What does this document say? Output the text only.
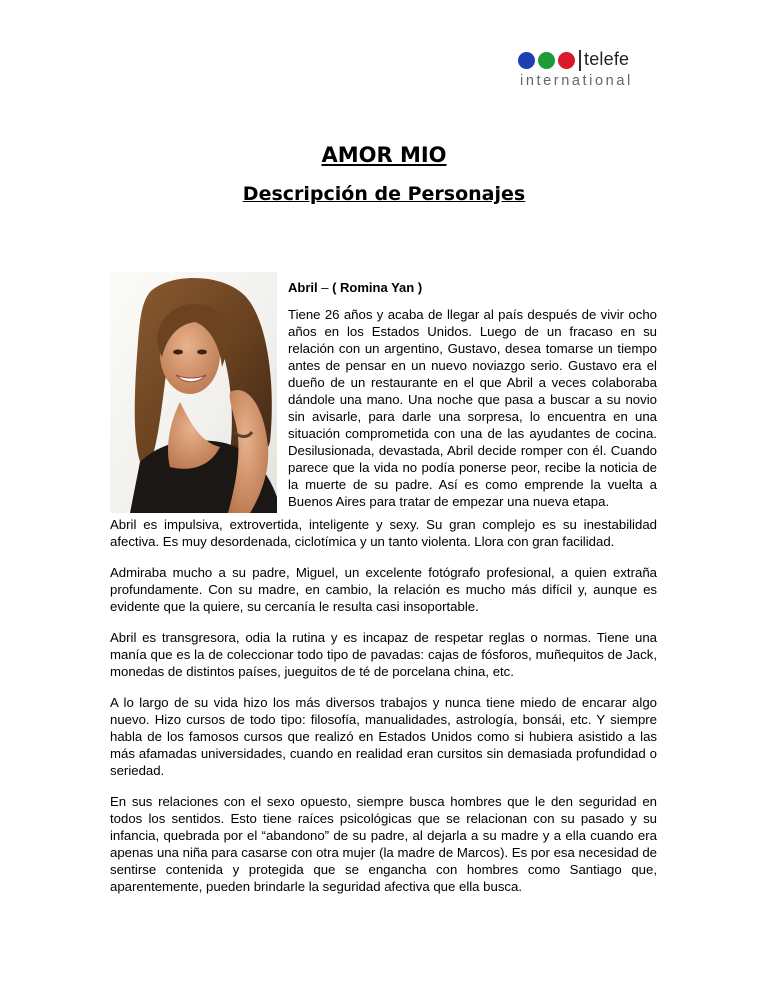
telefe
international
AMOR MIO
Descripción de Personajes
Abril – ( Romina Yan )

Tiene 26 años y acaba de llegar al país después de vivir ocho años en los Estados Unidos. Luego de un fracaso en su relación con un argentino, Gustavo, desea tomarse un tiempo antes de pensar en un nuevo noviazgo serio. Gustavo era el dueño de un restaurante en el que Abril a veces colaboraba dándole una mano. Una noche que pasa a buscar a su novio sin avisarle, para darle una sorpresa, lo encuentra en una situación comprometida con una de las ayudantes de cocina. Desilusionada, devastada, Abril decide romper con él. Cuando parece que la vida no podía ponerse peor, recibe la noticia de la muerte de su padre. Así es como emprende la vuelta a Buenos Aires para tratar de empezar una nueva etapa.

Abril es impulsiva, extrovertida, inteligente y sexy. Su gran complejo es su inestabilidad afectiva. Es muy desordenada, ciclotímica y un tanto violenta. Llora con gran facilidad.

Admiraba mucho a su padre, Miguel, un excelente fotógrafo profesional, a quien extraña profundamente. Con su madre, en cambio, la relación es mucho más difícil y, aunque es evidente que la quiere, su cercanía le resulta casi insoportable.

Abril es transgresora, odia la rutina y es incapaz de respetar reglas o normas. Tiene una manía que es la de coleccionar todo tipo de pavadas: cajas de fósforos, muñequitos de Jack, monedas de distintos países, jueguitos de té de porcelana china, etc.

A lo largo de su vida hizo los más diversos trabajos y nunca tiene miedo de encarar algo nuevo. Hizo cursos de todo tipo: filosofía, manualidades, astrología, bonsái, etc. Y siempre habla de los famosos cursos que realizó en Estados Unidos como si hubiera asistido a las más afamadas universidades, cuando en realidad eran cursitos sin demasiada profundidad o seriedad.

En sus relaciones con el sexo opuesto, siempre busca hombres que le den seguridad en todos los sentidos. Esto tiene raíces psicológicas que se relacionan con su pasado y su infancia, quebrada por el “abandono” de su padre, al dejarla a su madre y a ella cuando era apenas una niña para casarse con otra mujer (la madre de Marcos). Es por esa necesidad de sentirse contenida y protegida que se engancha con hombres como Santiago que, aparentemente, pueden brindarle la seguridad afectiva que ella busca.
